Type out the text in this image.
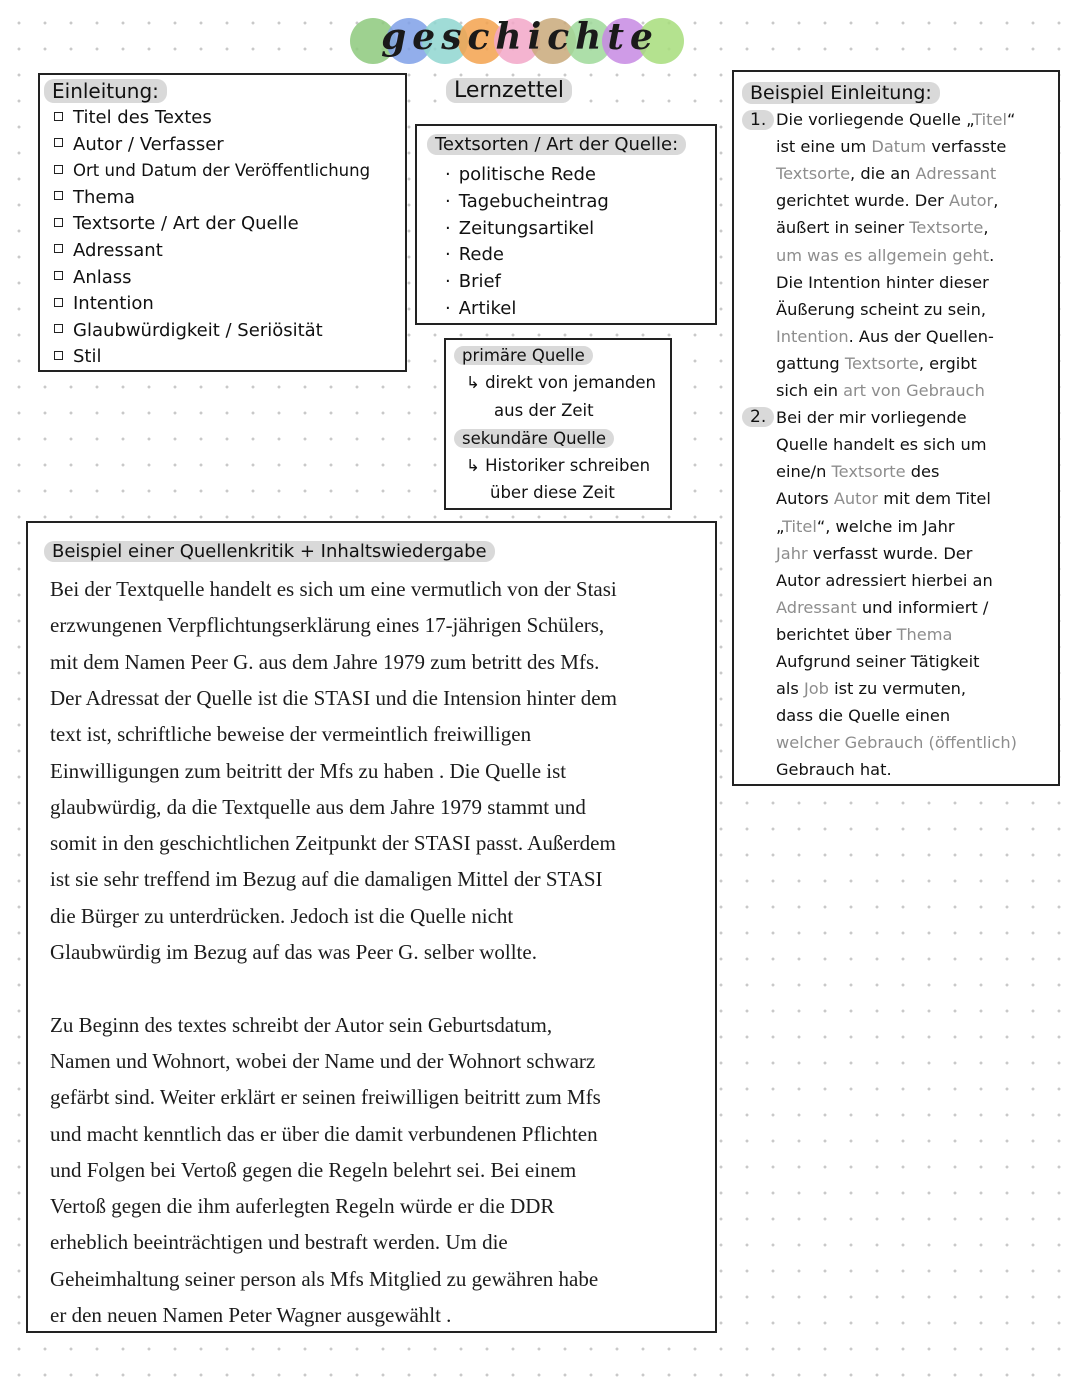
geschichte
Lernzettel
Einleitung:
Titel des Textes
Autor / Verfasser
Ort und Datum der Veröffentlichung
Thema
Textsorte / Art der Quelle
Adressant
Anlass
Intention
Glaubwürdigkeit / Seriösität
Stil
Textsorten / Art der Quelle:
· politische Rede
· Tagebucheintrag
· Zeitungsartikel
· Rede
· Brief
· Artikel
primäre Quelle
↳ direkt von jemanden
aus der Zeit
sekundäre Quelle
↳ Historiker schreiben
über diese Zeit
Beispiel Einleitung:
1.
2.
Die vorliegende Quelle „Titel“
ist eine um Datum verfasste
Textsorte, die an Adressant
gerichtet wurde. Der Autor,
äußert in seiner Textsorte,
um was es allgemein geht.
Die Intention hinter dieser
Äußerung scheint zu sein,
Intention. Aus der Quellen-
gattung Textsorte, ergibt
sich ein art von Gebrauch
Bei der mir vorliegende
Quelle handelt es sich um
eine/n Textsorte des
Autors Autor mit dem Titel
„Titel“, welche im Jahr
Jahr verfasst wurde. Der
Autor adressiert hierbei an
Adressant und informiert /
berichtet über Thema
Aufgrund seiner Tätigkeit
als Job ist zu vermuten,
dass die Quelle einen
welcher Gebrauch (öffentlich)
Gebrauch hat.
Beispiel einer Quellenkritik + Inhaltswiedergabe
Bei der Textquelle handelt es sich um eine vermutlich von der Stasi
erzwungenen Verpflichtungserklärung eines 17-jährigen Schülers,
mit dem Namen Peer G. aus dem Jahre 1979 zum betritt des Mfs.
Der Adressat der Quelle ist die STASI und die Intension hinter dem
text ist, schriftliche beweise der vermeintlich freiwilligen
Einwilligungen zum beitritt der Mfs zu haben . Die Quelle ist
glaubwürdig, da die Textquelle aus dem Jahre 1979 stammt und
somit in den geschichtlichen Zeitpunkt der STASI passt. Außerdem
ist sie sehr treffend im Bezug auf die damaligen Mittel der STASI
die Bürger zu unterdrücken. Jedoch ist die Quelle nicht
Glaubwürdig im Bezug auf das was Peer G. selber wollte.
Zu Beginn des textes schreibt der Autor sein Geburtsdatum,
Namen und Wohnort, wobei der Name und der Wohnort schwarz
gefärbt sind. Weiter erklärt er seinen freiwilligen beitritt zum Mfs
und macht kenntlich das er über die damit verbundenen Pflichten
und Folgen bei Vertoß gegen die Regeln belehrt sei. Bei einem
Vertoß gegen die ihm auferlegten Regeln würde er die DDR
erheblich beeinträchtigen und bestraft werden. Um die
Geheimhaltung seiner person als Mfs Mitglied zu gewähren habe
er den neuen Namen Peter Wagner ausgewählt .
